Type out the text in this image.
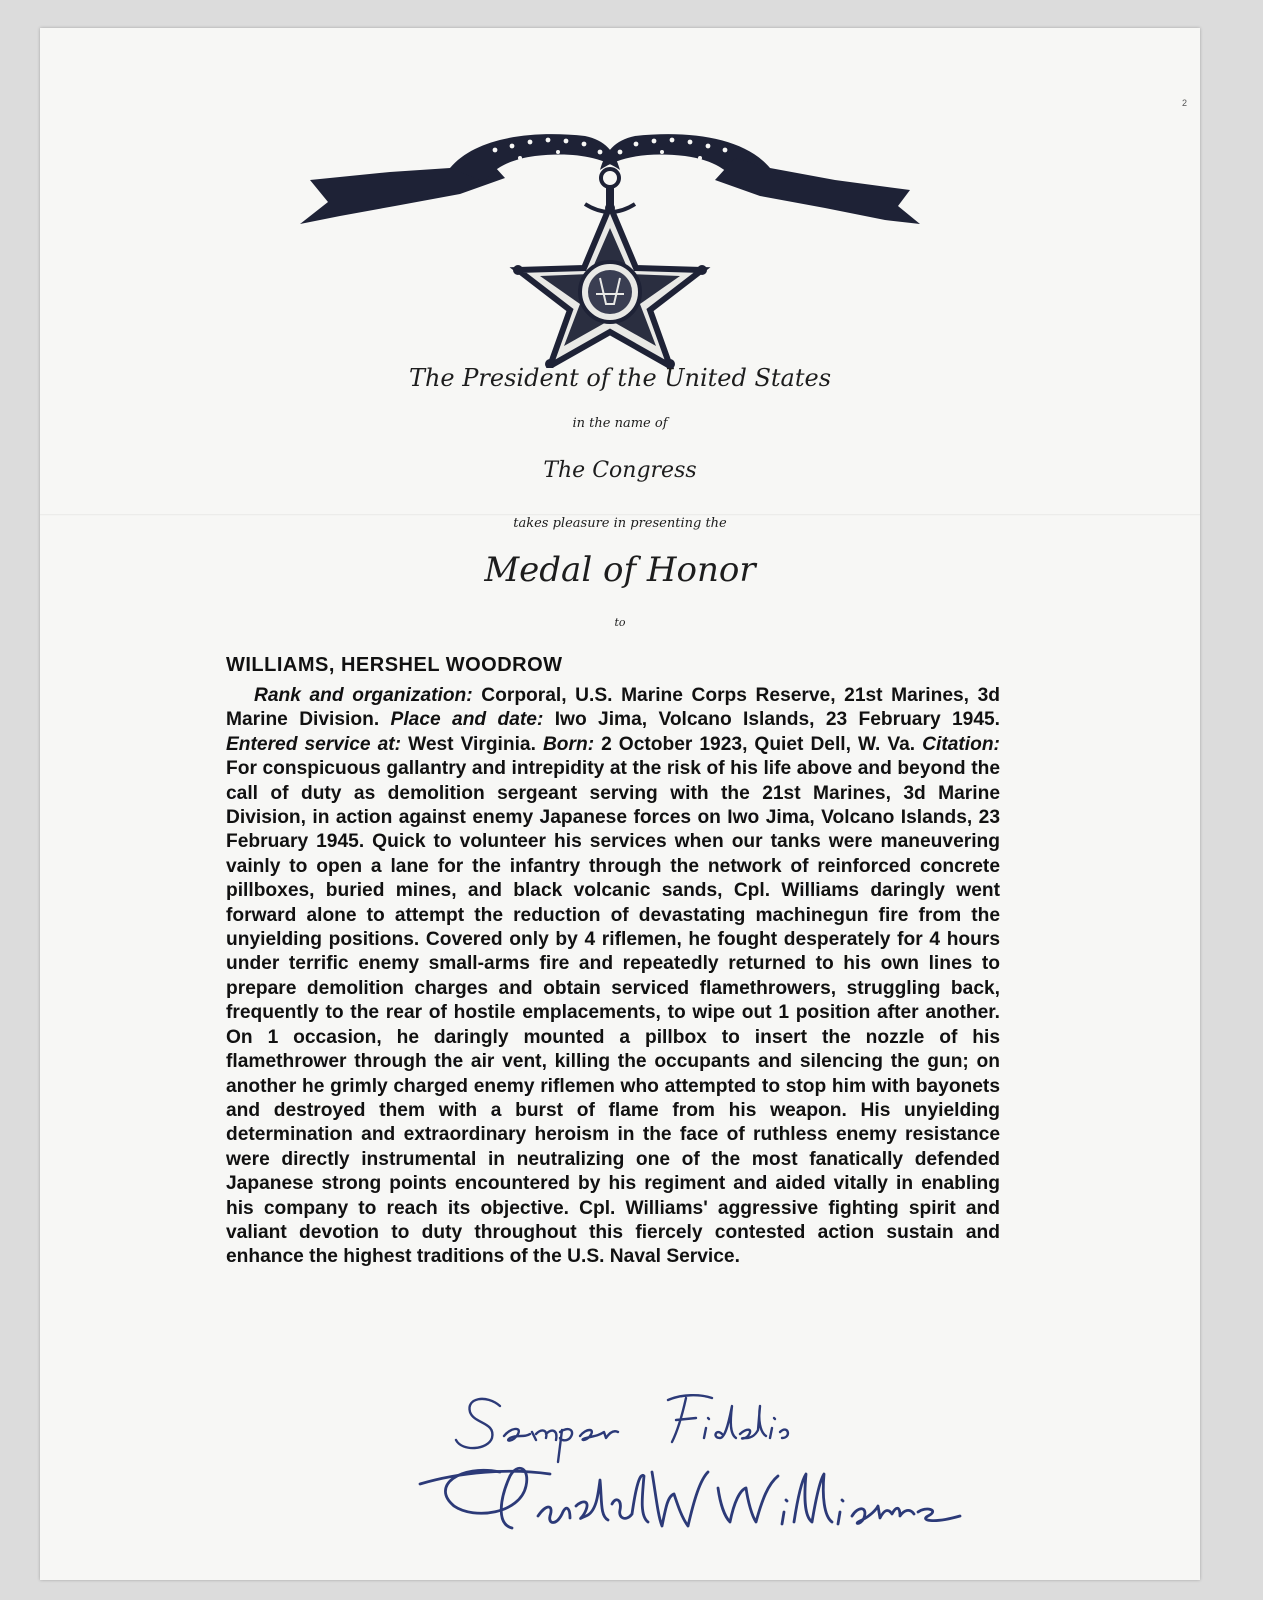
The President of the United States
in the name of
The Congress
takes pleasure in presenting the
Medal of Honor
to
WILLIAMS, HERSHEL WOODROW

Rank and organization: Corporal, U.S. Marine Corps Reserve, 21st Marines, 3d Marine Division. Place and date: Iwo Jima, Volcano Islands, 23 February 1945. Entered service at: West Virginia. Born: 2 October 1923, Quiet Dell, W. Va. Citation: For conspicuous gallantry and intrepidity at the risk of his life above and beyond the call of duty as demolition sergeant serving with the 21st Marines, 3d Marine Division, in action against enemy Japanese forces on Iwo Jima, Volcano Islands, 23 February 1945. Quick to volunteer his services when our tanks were maneuvering vainly to open a lane for the infantry through the network of reinforced concrete pillboxes, buried mines, and black volcanic sands, Cpl. Williams daringly went forward alone to attempt the reduction of devastating machinegun fire from the unyielding positions. Covered only by 4 riflemen, he fought desperately for 4 hours under terrific enemy small-arms fire and repeatedly returned to his own lines to prepare demolition charges and obtain serviced flamethrowers, struggling back, frequently to the rear of hostile emplacements, to wipe out 1 position after another. On 1 occasion, he daringly mounted a pillbox to insert the nozzle of his flamethrower through the air vent, killing the occupants and silencing the gun; on another he grimly charged enemy riflemen who attempted to stop him with bayonets and destroyed them with a burst of flame from his weapon. His unyielding determination and extraordinary heroism in the face of ruthless enemy resistance were directly instrumental in neutralizing one of the most fanatically defended Japanese strong points encountered by his regiment and aided vitally in enabling his company to reach its objective. Cpl. Williams' aggressive fighting spirit and valiant devotion to duty throughout this fiercely contested action sustain and enhance the highest traditions of the U.S. Naval Service.

2
